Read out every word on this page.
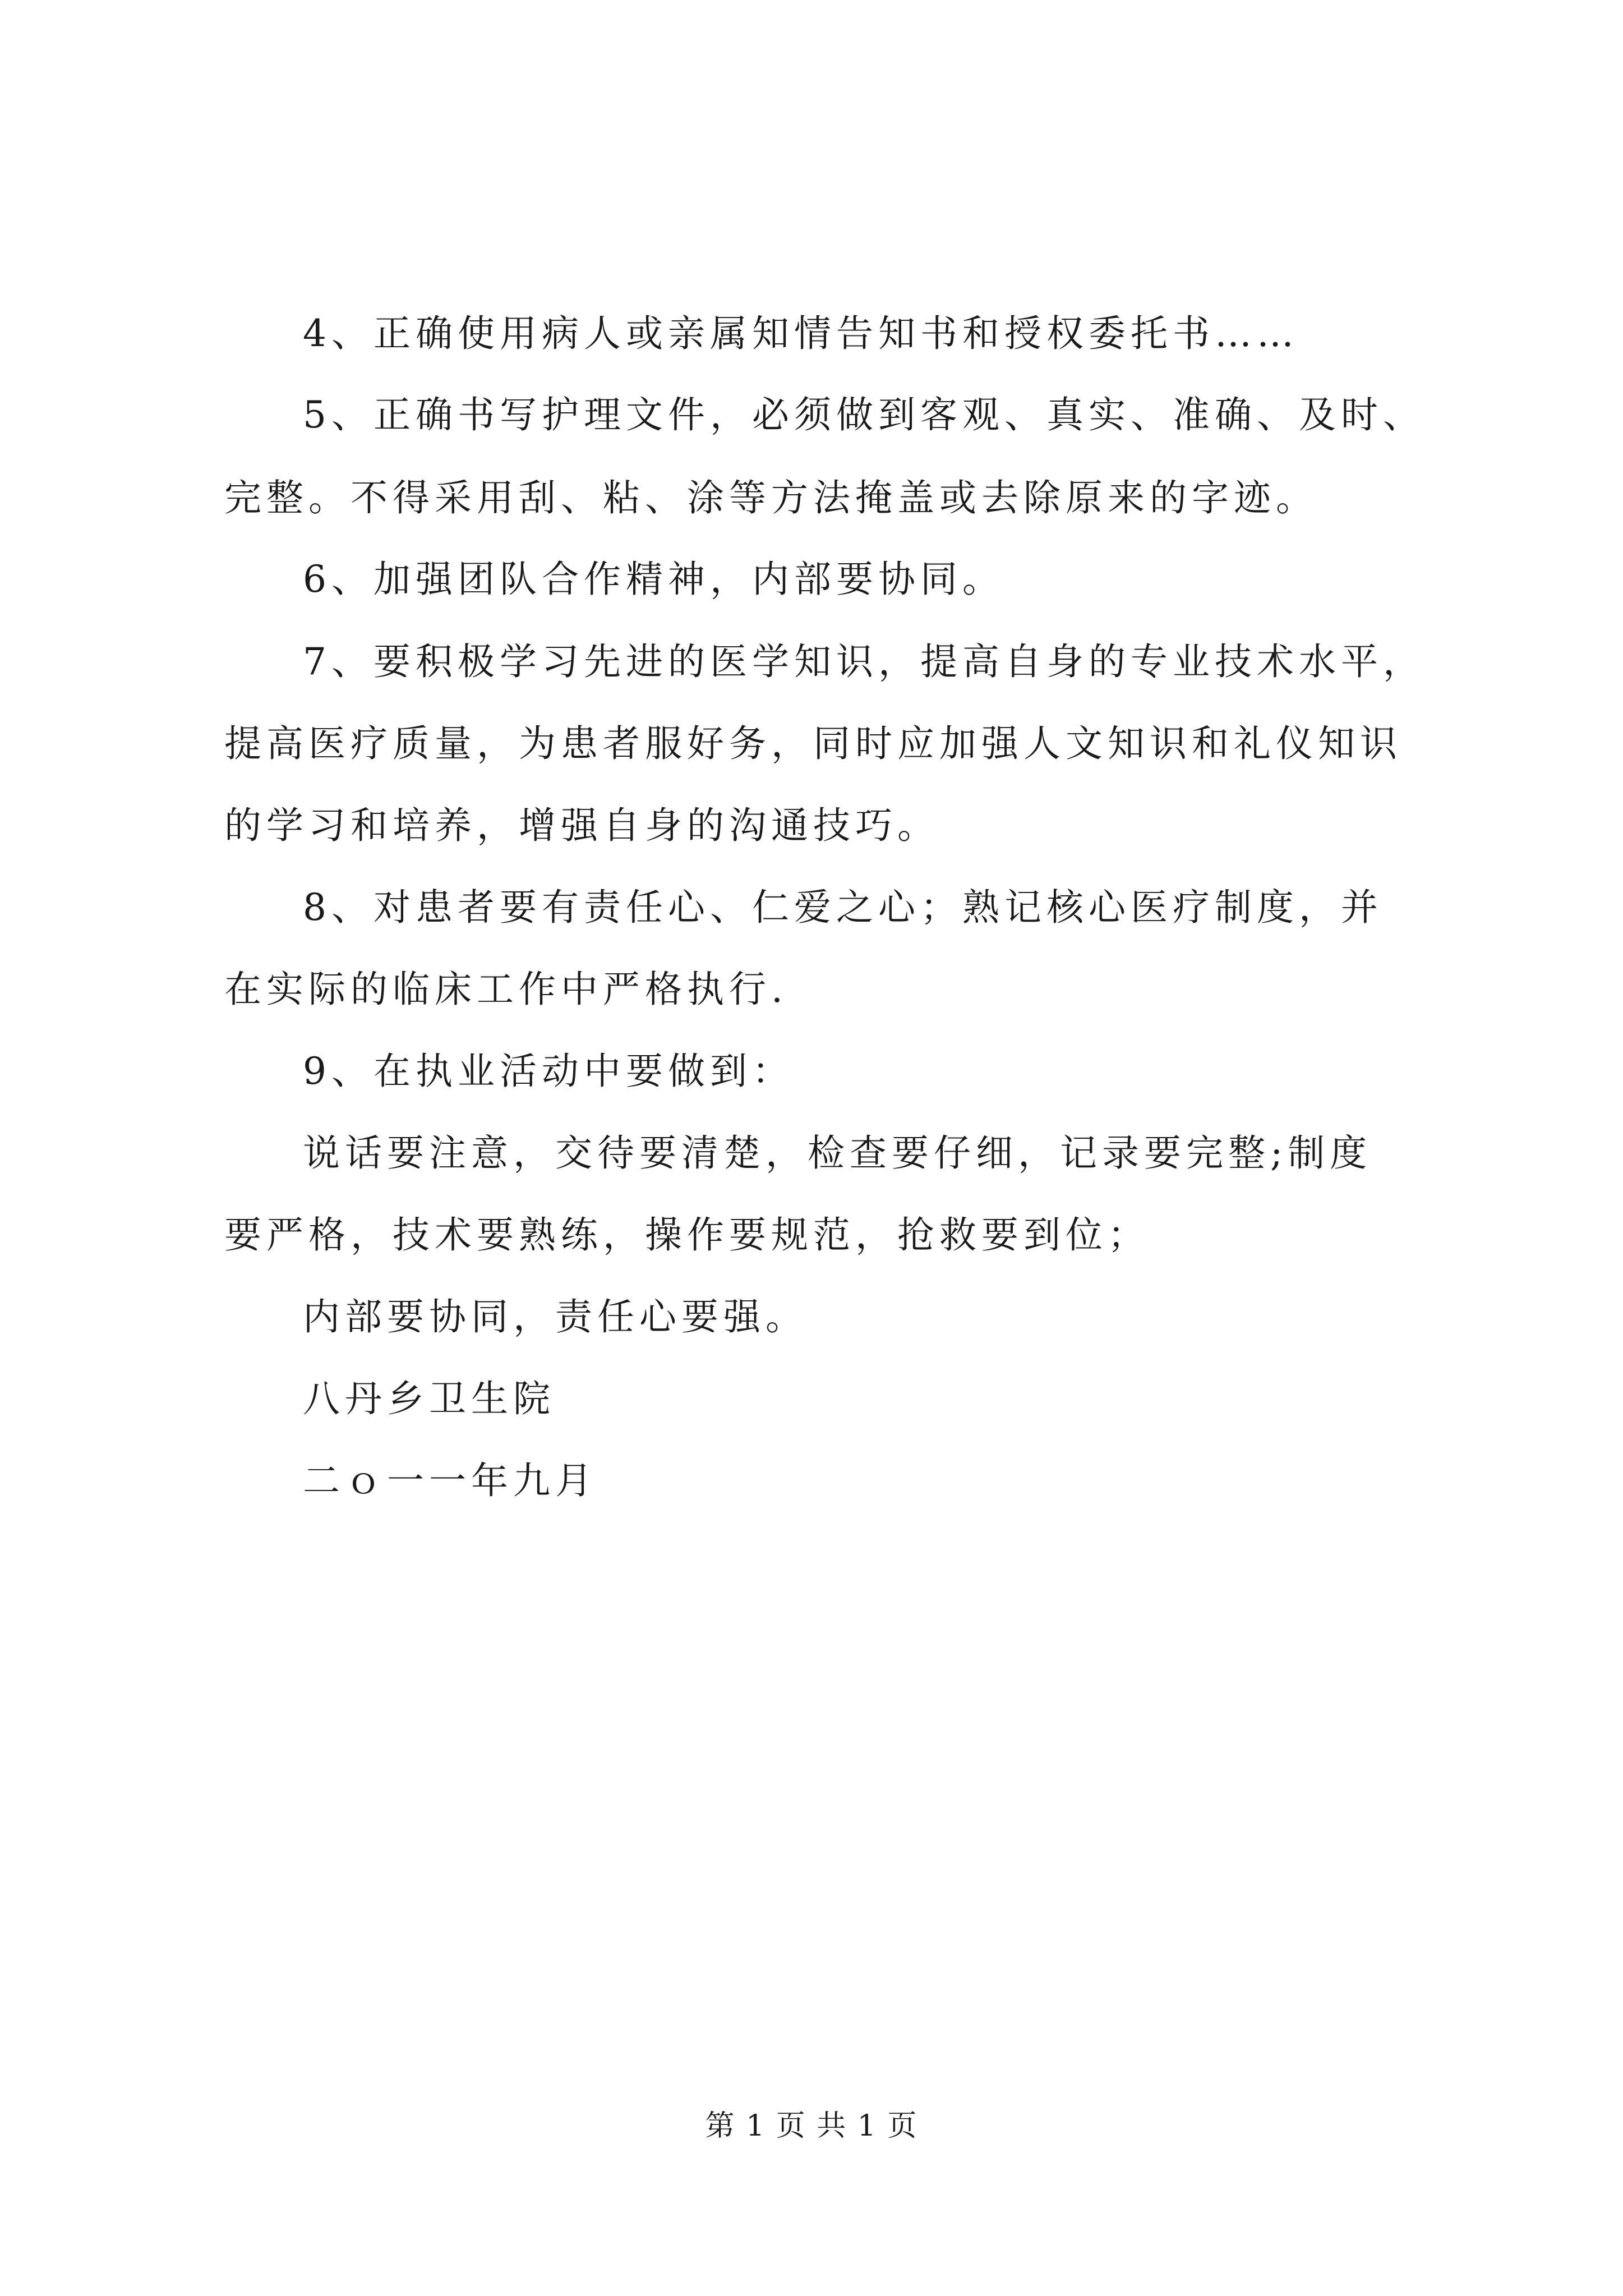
4、正确使用病人或亲属知情告知书和授权委托书……
5、正确书写护理文件，必须做到客观、真实、准确、及时、
完整。不得采用刮、粘、涂等方法掩盖或去除原来的字迹。
6、加强团队合作精神，内部要协同。
7、要积极学习先进的医学知识，提高自身的专业技术水平，
提高医疗质量，为患者服好务，同时应加强人文知识和礼仪知识
的学习和培养，增强自身的沟通技巧。
8、对患者要有责任心、仁爱之心；熟记核心医疗制度，并
在实际的临床工作中严格执行.
9、在执业活动中要做到：
说话要注意，交待要清楚，检查要仔细，记录要完整;制度
要严格，技术要熟练，操作要规范，抢救要到位；
内部要协同，责任心要强。
八丹乡卫生院
二ｏ一一年九月
第 1 页 共 1 页
